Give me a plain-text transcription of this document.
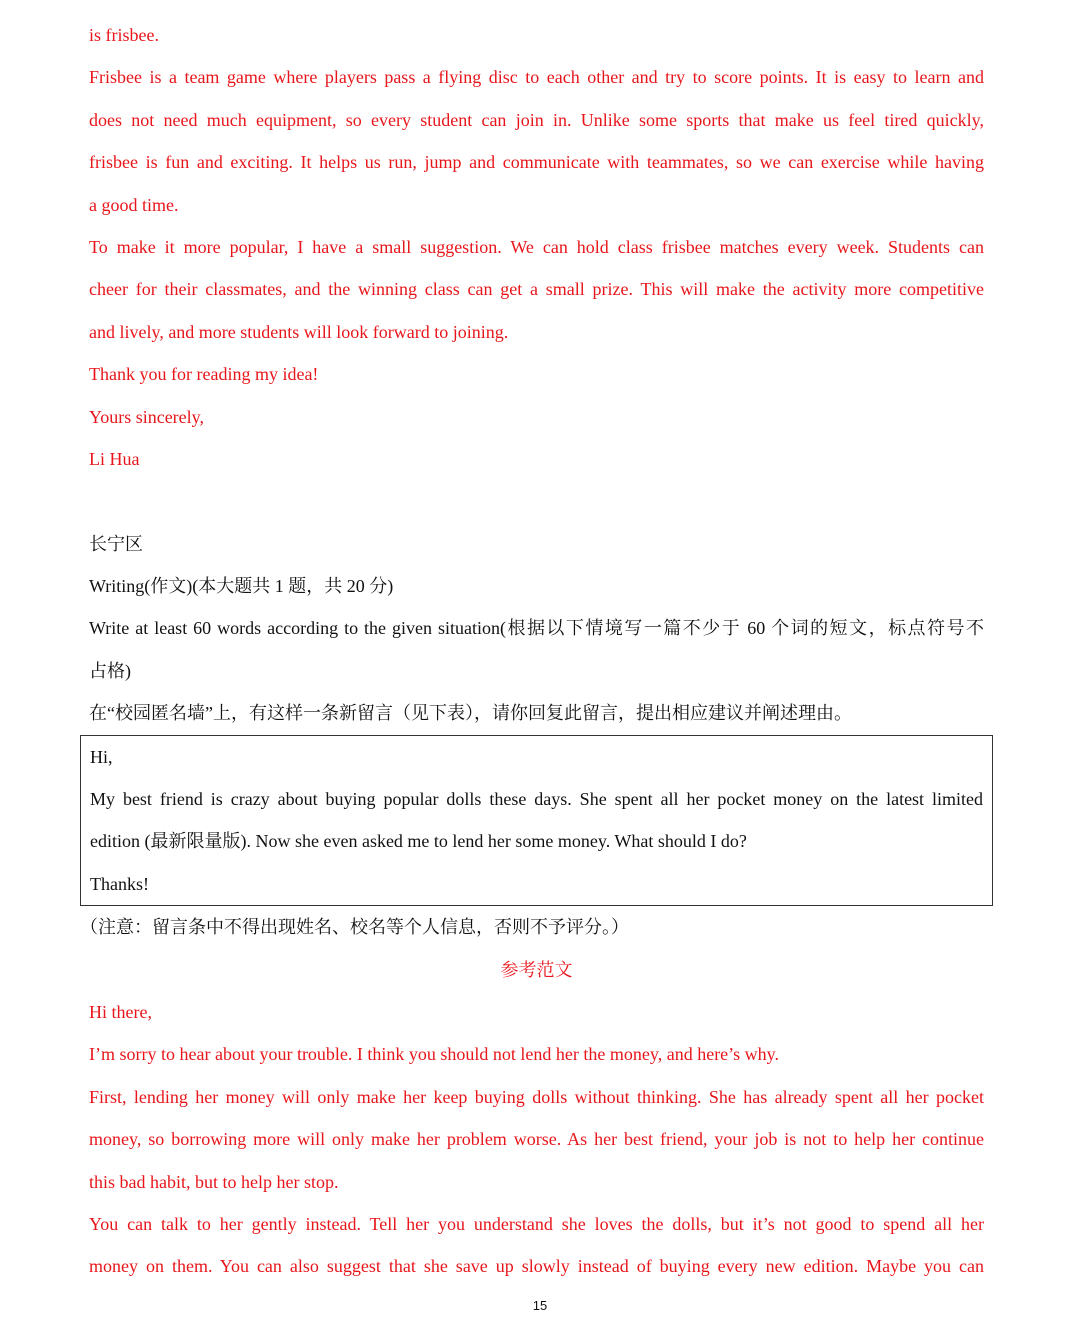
is frisbee.

Frisbee is a team game where players pass a flying disc to each other and try to score points. It is easy to learn and

does not need much equipment, so every student can join in. Unlike some sports that make us feel tired quickly,

frisbee is fun and exciting. It helps us run, jump and communicate with teammates, so we can exercise while having

a good time.

To make it more popular, I have a small suggestion. We can hold class frisbee matches every week. Students can

cheer for their classmates, and the winning class can get a small prize. This will make the activity more competitive

and lively, and more students will look forward to joining.

Thank you for reading my idea!

Yours sincerely,

Li Hua

长宁区

Writing(作文)(本大题共 1 题，共 20 分)

Write at least 60 words according to the given situation(根据以下情境写一篇不少于 60 个词的短文，标点符号不

占格)

在“校园匿名墙”上，有这样一条新留言（见下表），请你回复此留言，提出相应建议并阐述理由。

Hi,

My best friend is crazy about buying popular dolls these days. She spent all her pocket money on the latest limited

edition (最新限量版). Now she even asked me to lend her some money. What should I do?

Thanks!

（注意：留言条中不得出现姓名、校名等个人信息，否则不予评分。）

参考范文

Hi there,

I’m sorry to hear about your trouble. I think you should not lend her the money, and here’s why.

First, lending her money will only make her keep buying dolls without thinking. She has already spent all her pocket

money, so borrowing more will only make her problem worse. As her best friend, your job is not to help her continue

this bad habit, but to help her stop.

You can talk to her gently instead. Tell her you understand she loves the dolls, but it’s not good to spend all her

money on them. You can also suggest that she save up slowly instead of buying every new edition. Maybe you can

15
